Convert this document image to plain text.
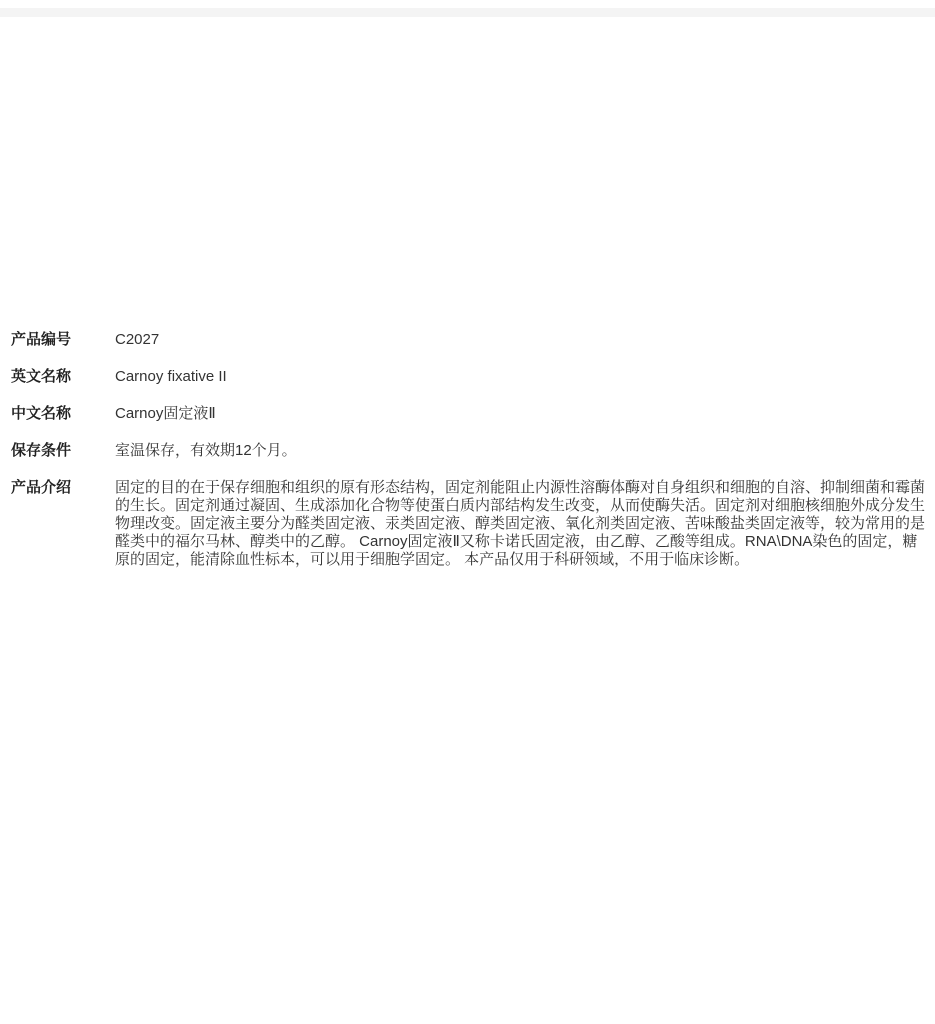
产品编号	C2027
英文名称	Carnoy fixative II
中文名称	Carnoy固定液Ⅱ
保存条件	室温保存，有效期12个月。
产品介绍	固定的目的在于保存细胞和组织的原有形态结构，固定剂能阻止内源性溶酶体酶对自身组织和细胞的自溶、抑制细菌和霉菌的生长。固定剂通过凝固、生成添加化合物等使蛋白质内部结构发生改变，从而使酶失活。固定剂对细胞核细胞外成分发生物理改变。固定液主要分为醛类固定液、汞类固定液、醇类固定液、氧化剂类固定液、苦味酸盐类固定液等，较为常用的是醛类中的福尔马林、醇类中的乙醇。 Carnoy固定液Ⅱ又称卡诺氏固定液，由乙醇、乙酸等组成。RNA\DNA染色的固定，糖原的固定，能清除血性标本，可以用于细胞学固定。 本产品仅用于科研领域，不用于临床诊断。
